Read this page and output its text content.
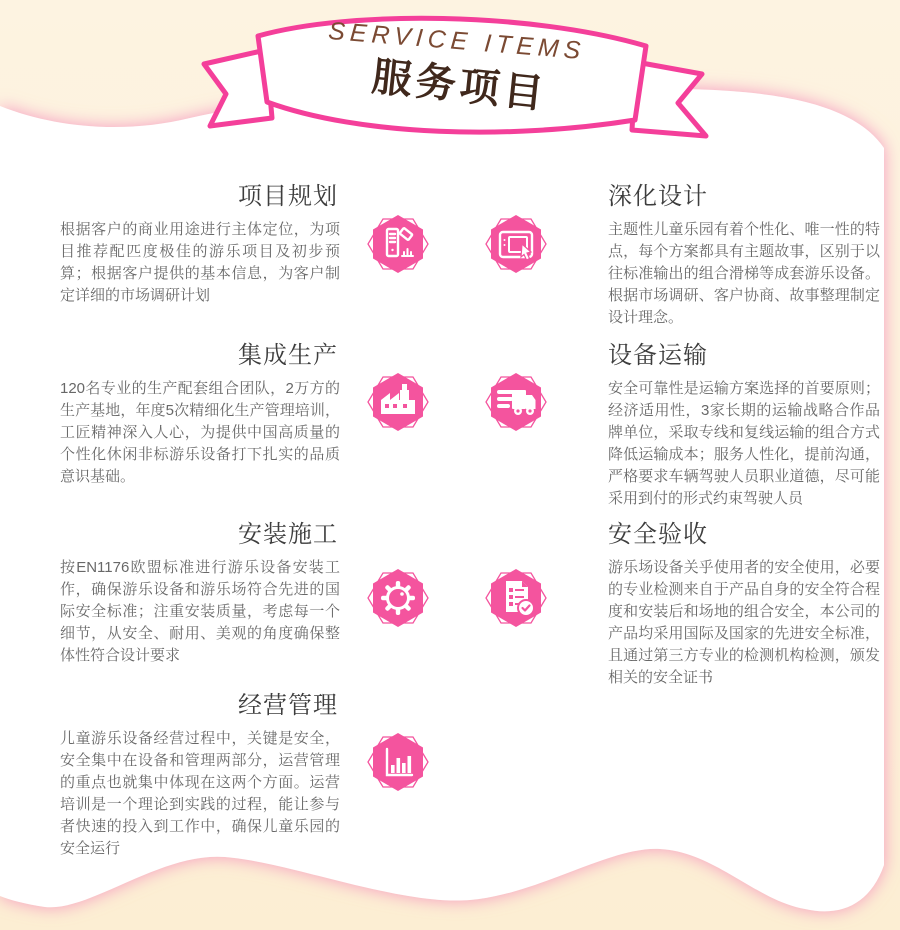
SERVICE ITEMS
服务项目
项目规划
根据客户的商业用途进行主体定位，为项目推荐配匹度极佳的游乐项目及初步预算；根据客户提供的基本信息，为客户制定详细的市场调研计划
深化设计
主题性儿童乐园有着个性化、唯一性的特点，每个方案都具有主题故事，区别于以往标准输出的组合滑梯等成套游乐设备。根据市场调研、客户协商、故事整理制定设计理念。
集成生产
120名专业的生产配套组合团队，2万方的生产基地，年度5次精细化生产管理培训，工匠精神深入人心，为提供中国高质量的个性化休闲非标游乐设备打下扎实的品质意识基础。
设备运输
安全可靠性是运输方案选择的首要原则；经济适用性，3家长期的运输战略合作品牌单位，采取专线和复线运输的组合方式降低运输成本；服务人性化，提前沟通，严格要求车辆驾驶人员职业道德，尽可能采用到付的形式约束驾驶人员
安装施工
按EN1176欧盟标准进行游乐设备安装工作，确保游乐设备和游乐场符合先进的国际安全标准；注重安装质量，考虑每一个细节，从安全、耐用、美观的角度确保整体性符合设计要求
安全验收
游乐场设备关乎使用者的安全使用，必要的专业检测来自于产品自身的安全符合程度和安装后和场地的组合安全，本公司的产品均采用国际及国家的先进安全标准，且通过第三方专业的检测机构检测，颁发相关的安全证书
经营管理
儿童游乐设备经营过程中，关键是安全，安全集中在设备和管理两部分，运营管理的重点也就集中体现在这两个方面。运营培训是一个理论到实践的过程，能让参与者快速的投入到工作中，确保儿童乐园的安全运行
